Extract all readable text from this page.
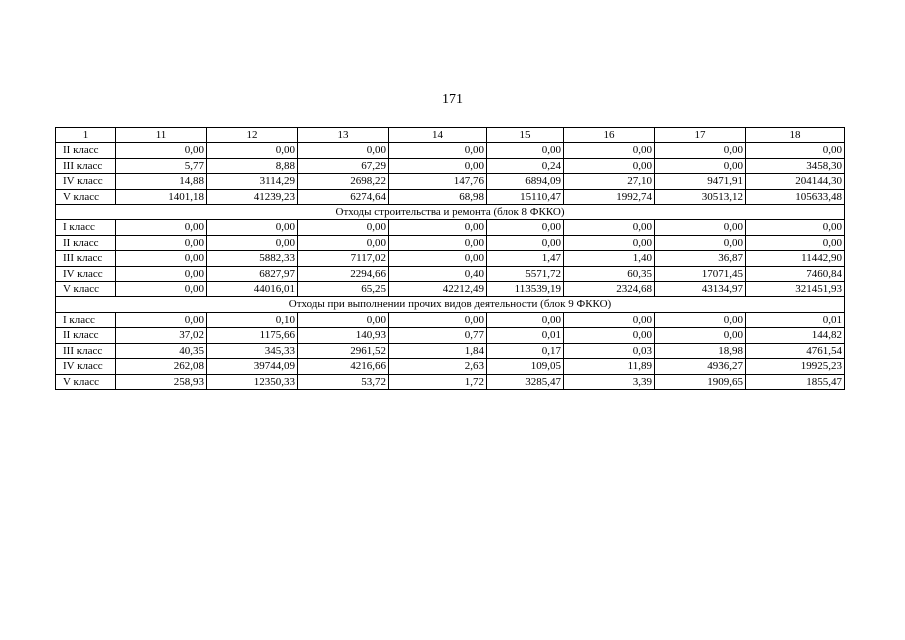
171
1	11	12	13	14	15	16	17	18
II класс	0,00	0,00	0,00	0,00	0,00	0,00	0,00	0,00
III класс	5,77	8,88	67,29	0,00	0,24	0,00	0,00	3458,30
IV класс	14,88	3114,29	2698,22	147,76	6894,09	27,10	9471,91	204144,30
V класс	1401,18	41239,23	6274,64	68,98	15110,47	1992,74	30513,12	105633,48
Отходы строительства и ремонта (блок 8 ФККО)								
I класс	0,00	0,00	0,00	0,00	0,00	0,00	0,00	0,00
II класс	0,00	0,00	0,00	0,00	0,00	0,00	0,00	0,00
III класс	0,00	5882,33	7117,02	0,00	1,47	1,40	36,87	11442,90
IV класс	0,00	6827,97	2294,66	0,40	5571,72	60,35	17071,45	7460,84
V класс	0,00	44016,01	65,25	42212,49	113539,19	2324,68	43134,97	321451,93
Отходы при выполнении прочих видов деятельности (блок 9 ФККО)								
I класс	0,00	0,10	0,00	0,00	0,00	0,00	0,00	0,01
II класс	37,02	1175,66	140,93	0,77	0,01	0,00	0,00	144,82
III класс	40,35	345,33	2961,52	1,84	0,17	0,03	18,98	4761,54
IV класс	262,08	39744,09	4216,66	2,63	109,05	11,89	4936,27	19925,23
V класс	258,93	12350,33	53,72	1,72	3285,47	3,39	1909,65	1855,47
